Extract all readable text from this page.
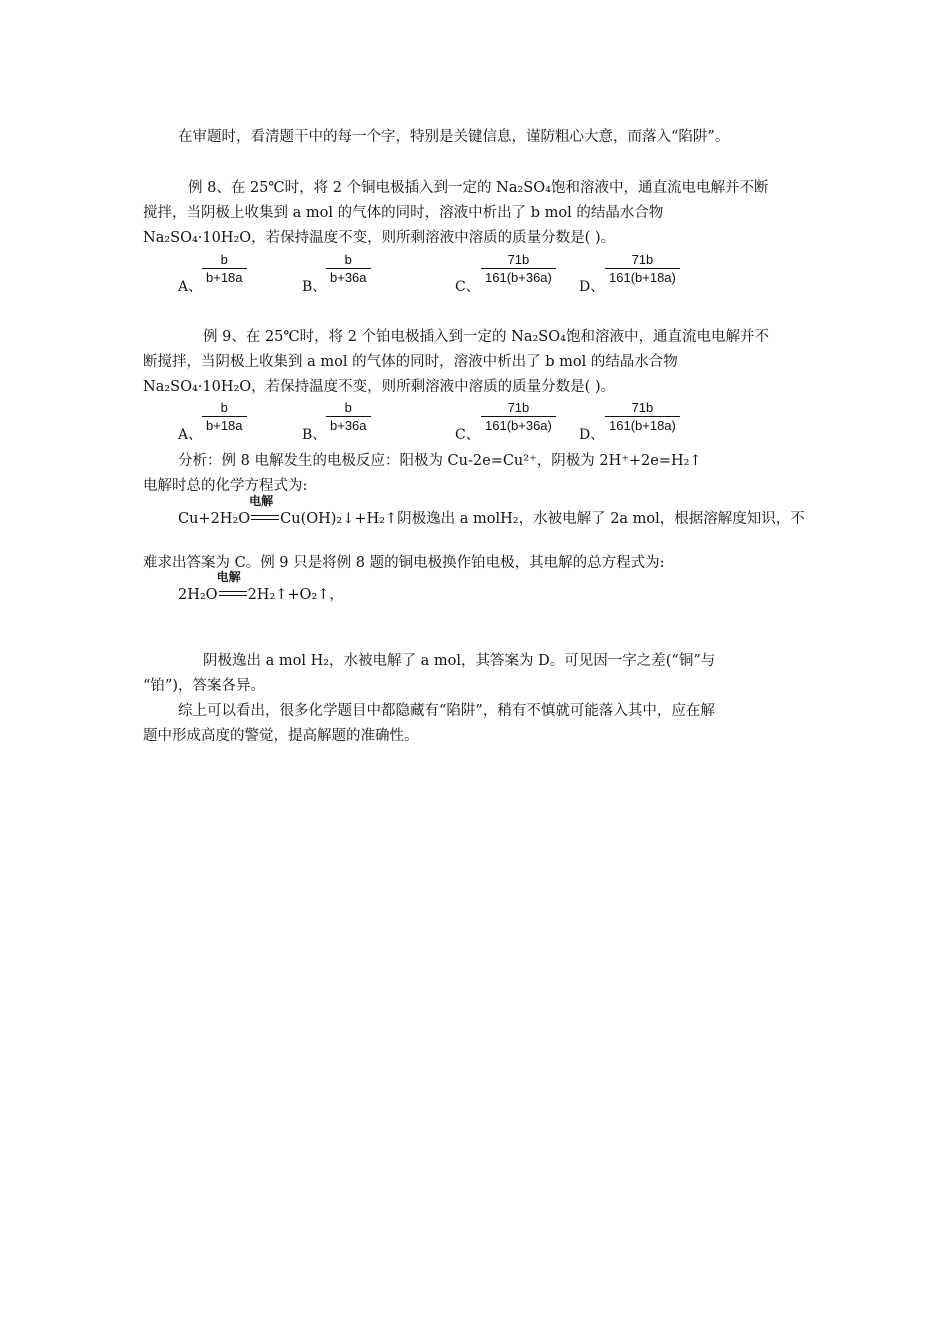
在审题时，看清题干中的每一个字，特别是关键信息，谨防粗心大意，而落入“陷阱”。
例 8、在 25℃时，将 2 个铜电极插入到一定的 Na₂SO₄饱和溶液中，通直流电电解并不断
搅拌，当阴极上收集到 a mol 的气体的同时，溶液中析出了 b mol 的结晶水合物
Na₂SO₄·10H₂O，若保持温度不变，则所剩溶液中溶质的质量分数是( )。
A、
b
b+18a
B、
b
b+36a
C、
71b
161(b+36a)
D、
71b
161(b+18a)
例 9、在 25℃时，将 2 个铂电极插入到一定的 Na₂SO₄饱和溶液中，通直流电电解并不
断搅拌，当阴极上收集到 a mol 的气体的同时，溶液中析出了 b mol 的结晶水合物
Na₂SO₄·10H₂O，若保持温度不变，则所剩溶液中溶质的质量分数是( )。
A、
b
b+18a
B、
b
b+36a
C、
71b
161(b+36a)
D、
71b
161(b+18a)
分析：例 8 电解发生的电极反应：阳极为 Cu-2e=Cu²⁺，阴极为 2H⁺+2e=H₂↑
电解时总的化学方程式为:
Cu+2H₂O
电解
Cu(OH)₂↓+H₂↑阴极逸出 a molH₂，水被电解了 2a mol，根据溶解度知识，不
难求出答案为 C。例 9 只是将例 8 题的铜电极换作铂电极，其电解的总方程式为:
2H₂O
电解
2H₂↑+O₂↑，
阴极逸出 a mol H₂，水被电解了 a mol，其答案为 D。可见因一字之差(“铜”与
“铂”)，答案各异。
综上可以看出，很多化学题目中都隐藏有“陷阱”，稍有不慎就可能落入其中，应在解
题中形成高度的警觉，提高解题的准确性。
